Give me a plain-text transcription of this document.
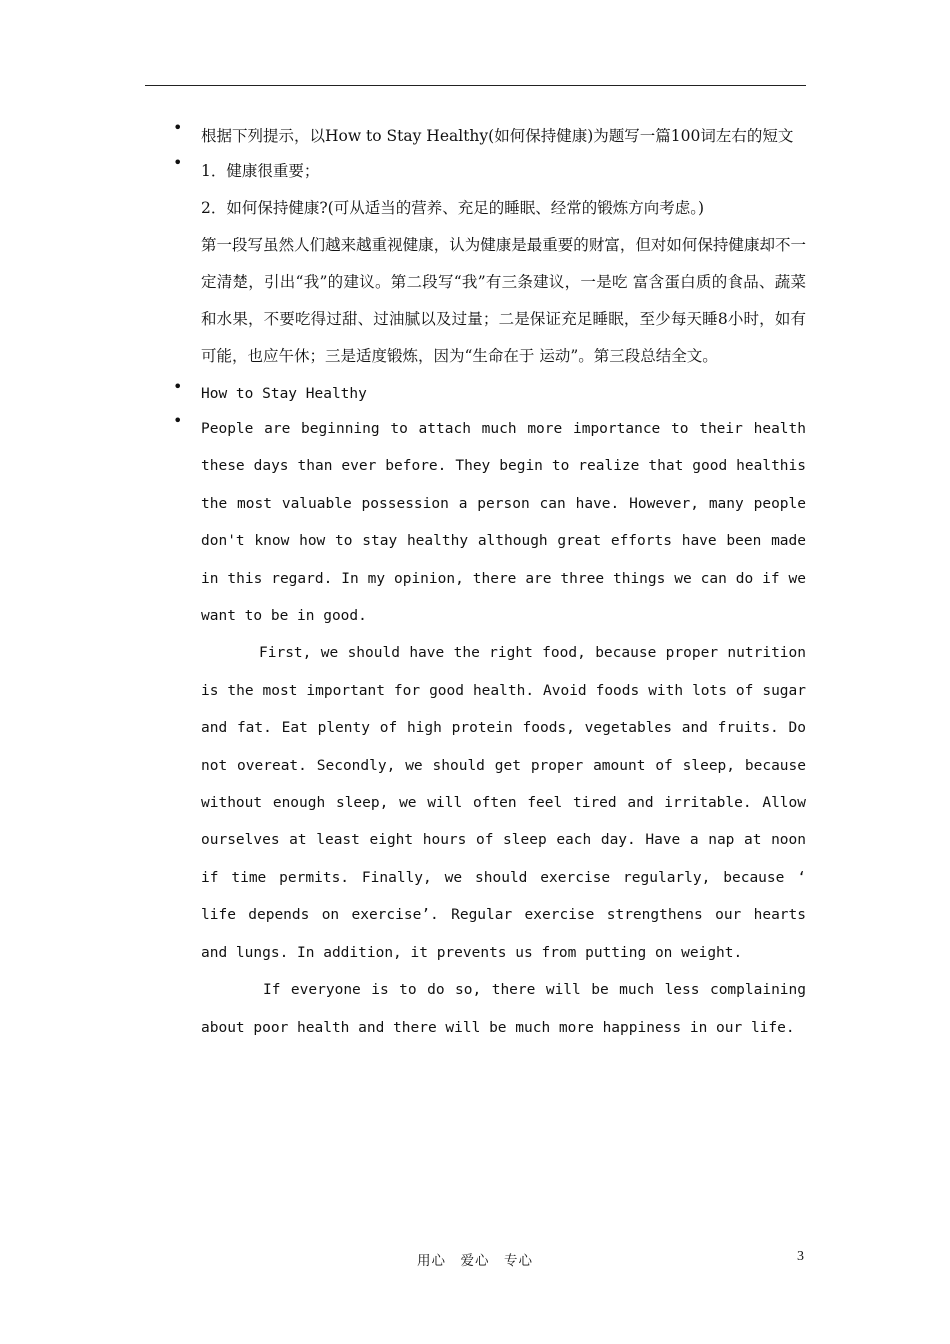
• 根据下列提示，以How to Stay Healthy(如何保持健康)为题写一篇100词左右的短文

• 1．健康很重要；

2．如何保持健康?(可从适当的营养、充足的睡眠、经常的锻炼方向考虑。)

第一段写虽然人们越来越重视健康，认为健康是最重要的财富，但对如何保持健康却不一定清楚，引出“我”的建议。第二段写“我”有三条建议，一是吃 富含蛋白质的食品、蔬菜和水果，不要吃得过甜、过油腻以及过量；二是保证充足睡眠，至少每天睡8小时，如有可能，也应午休；三是适度锻炼，因为“生命在于 运动”。第三段总结全文。

• How to Stay Healthy

• People are beginning to attach much more importance to their health these days than ever before. They begin to realize that good healthis the most valuable possession a person can have. However, many people don't know how to stay healthy although great efforts have been made in this regard. In my opinion, there are three things we can do if we want to be in good.

First, we should have the right food, because proper nutrition is the most important for good health. Avoid foods with lots of sugar and fat. Eat plenty of high protein foods, vegetables and fruits. Do not overeat. Secondly, we should get proper amount of sleep, because without enough sleep, we will often feel tired and irritable. Allow ourselves at least eight hours of sleep each day. Have a nap at noon if time permits. Finally, we should exercise regularly, because ‘ life depends on exercise’. Regular exercise strengthens our hearts and lungs. In addition, it prevents us from putting on weight.

If everyone is to do so, there will be much less complaining about poor health and there will be much more happiness in our life.

用心　爱心　专心	3
